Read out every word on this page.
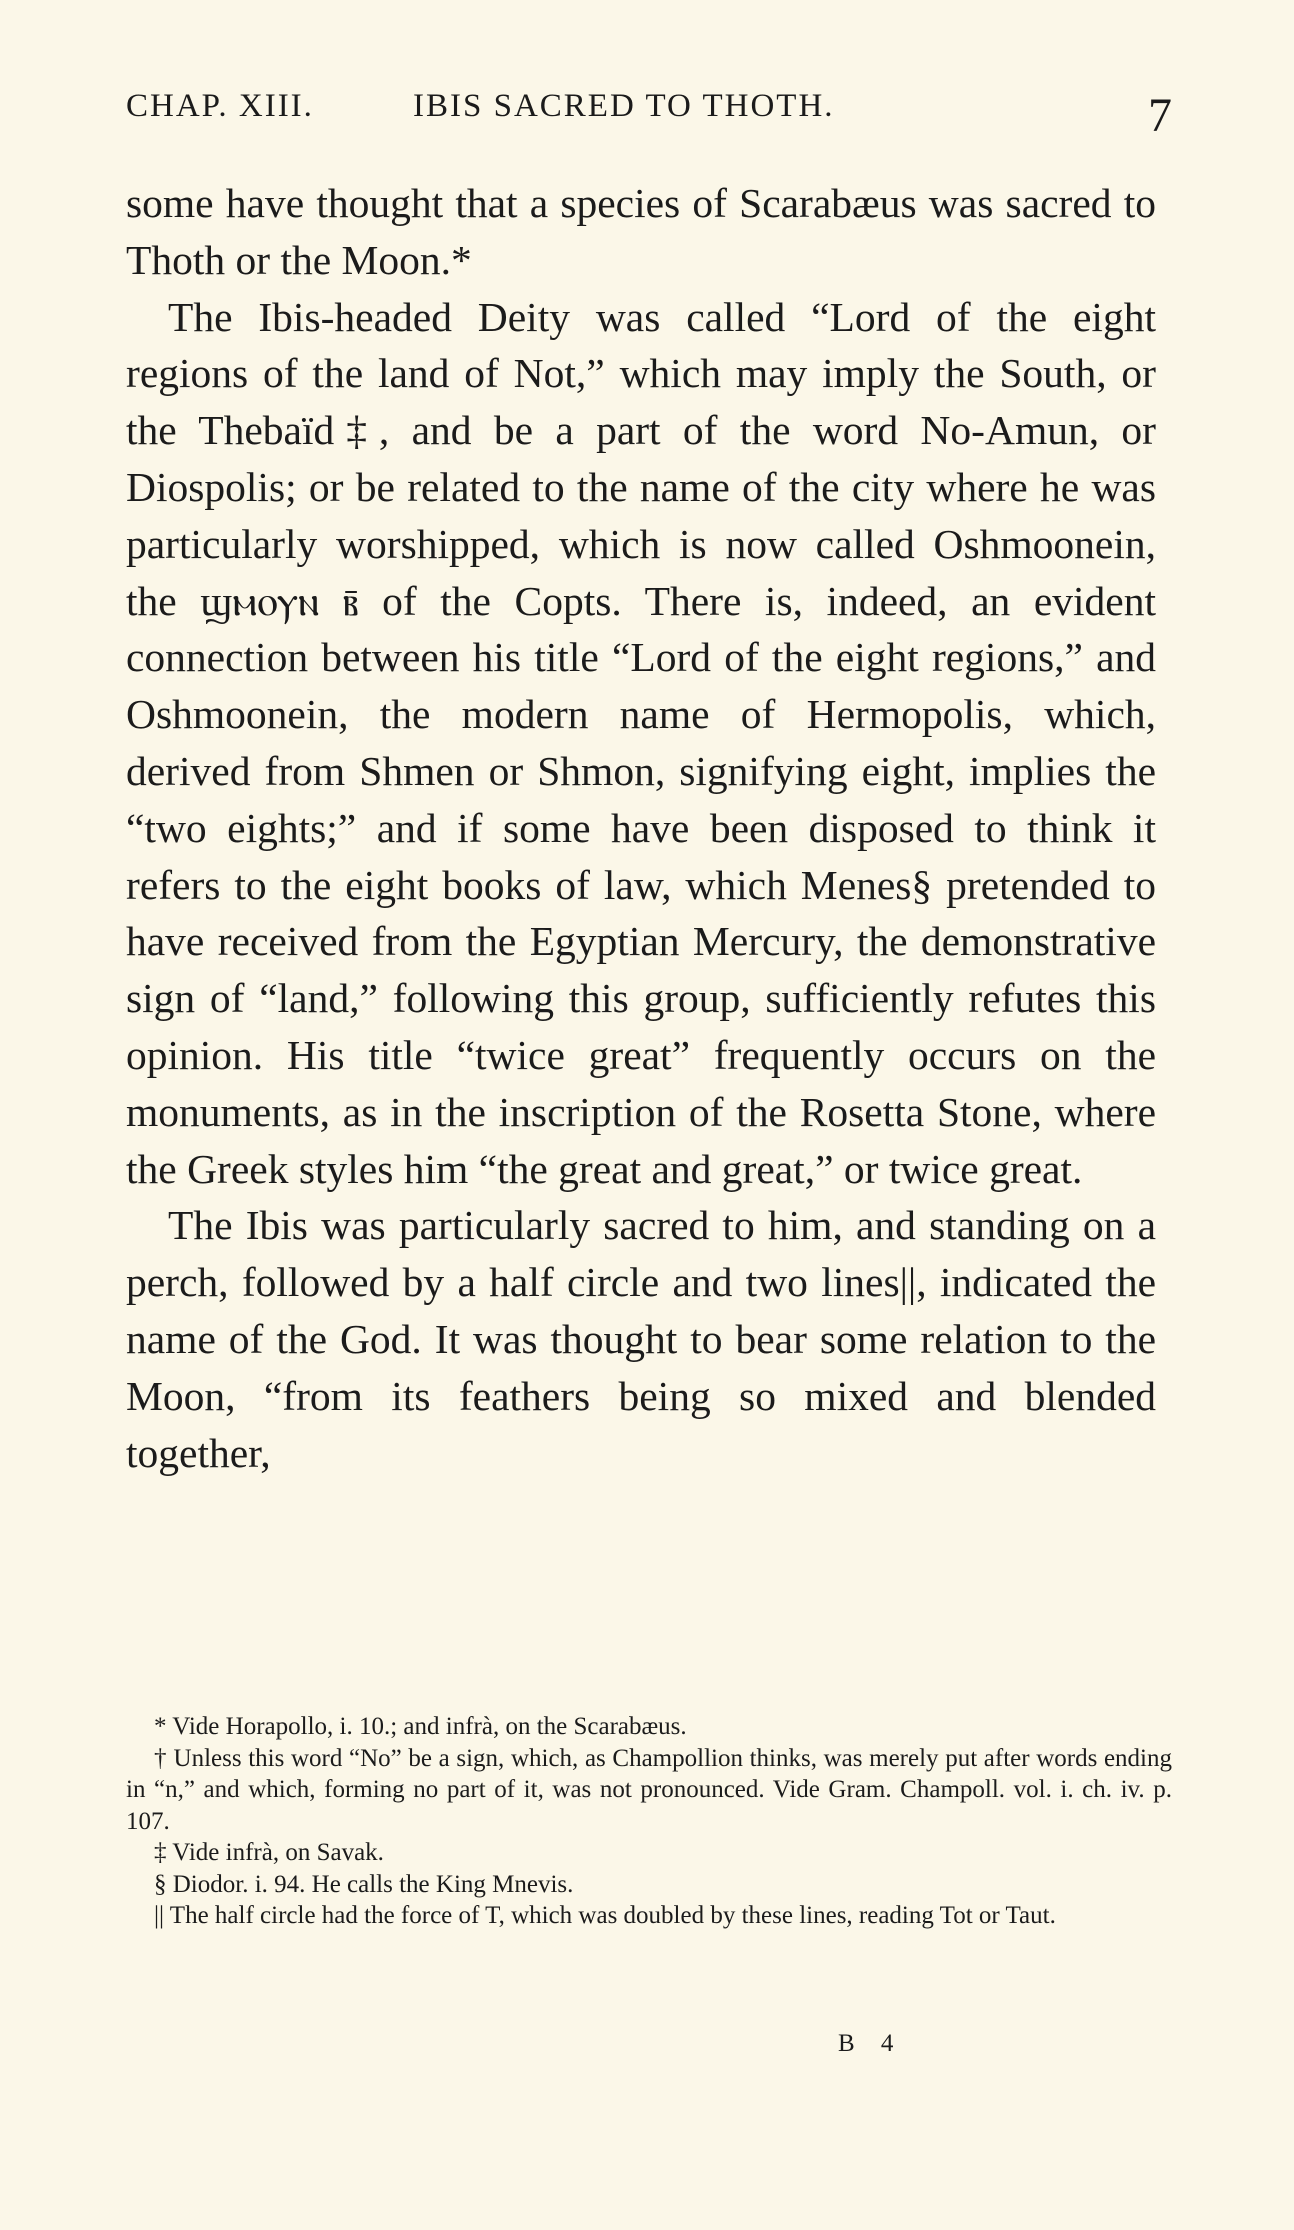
CHAP. XIII.	IBIS SACRED TO THOTH.	7

some have thought that a species of Scarabæus was sacred to Thoth or the Moon.*

The Ibis-headed Deity was called “Lord of the eight regions of the land of Not,” which may imply the South, or the Thebaïd‡, and be a part of the word No-Amun, or Diospolis; or be related to the name of the city where he was particularly worshipped, which is now called Oshmoonein, the ϣⲙⲟⲩⲛ ⲃ̄ of the Copts. There is, indeed, an evident connection between his title “Lord of the eight regions,” and Oshmoonein, the modern name of Hermopolis, which, derived from Shmen or Shmon, signifying eight, implies the “two eights;” and if some have been disposed to think it refers to the eight books of law, which Menes§ pretended to have received from the Egyptian Mercury, the demonstrative sign of “land,” following this group, sufficiently refutes this opinion. His title “twice great” frequently occurs on the monuments, as in the inscription of the Rosetta Stone, where the Greek styles him “the great and great,” or twice great.

The Ibis was particularly sacred to him, and standing on a perch, followed by a half circle and two lines||, indicated the name of the God. It was thought to bear some relation to the Moon, “from its feathers being so mixed and blended together,

* Vide Horapollo, i. 10.; and infrà, on the Scarabæus.

† Unless this word “No” be a sign, which, as Champollion thinks, was merely put after words ending in “n,” and which, forming no part of it, was not pronounced. Vide Gram. Champoll. vol. i. ch. iv. p. 107.

‡ Vide infrà, on Savak.

§ Diodor. i. 94. He calls the King Mnevis.

|| The half circle had the force of T, which was doubled by these lines, reading Tot or Taut.

B 4
